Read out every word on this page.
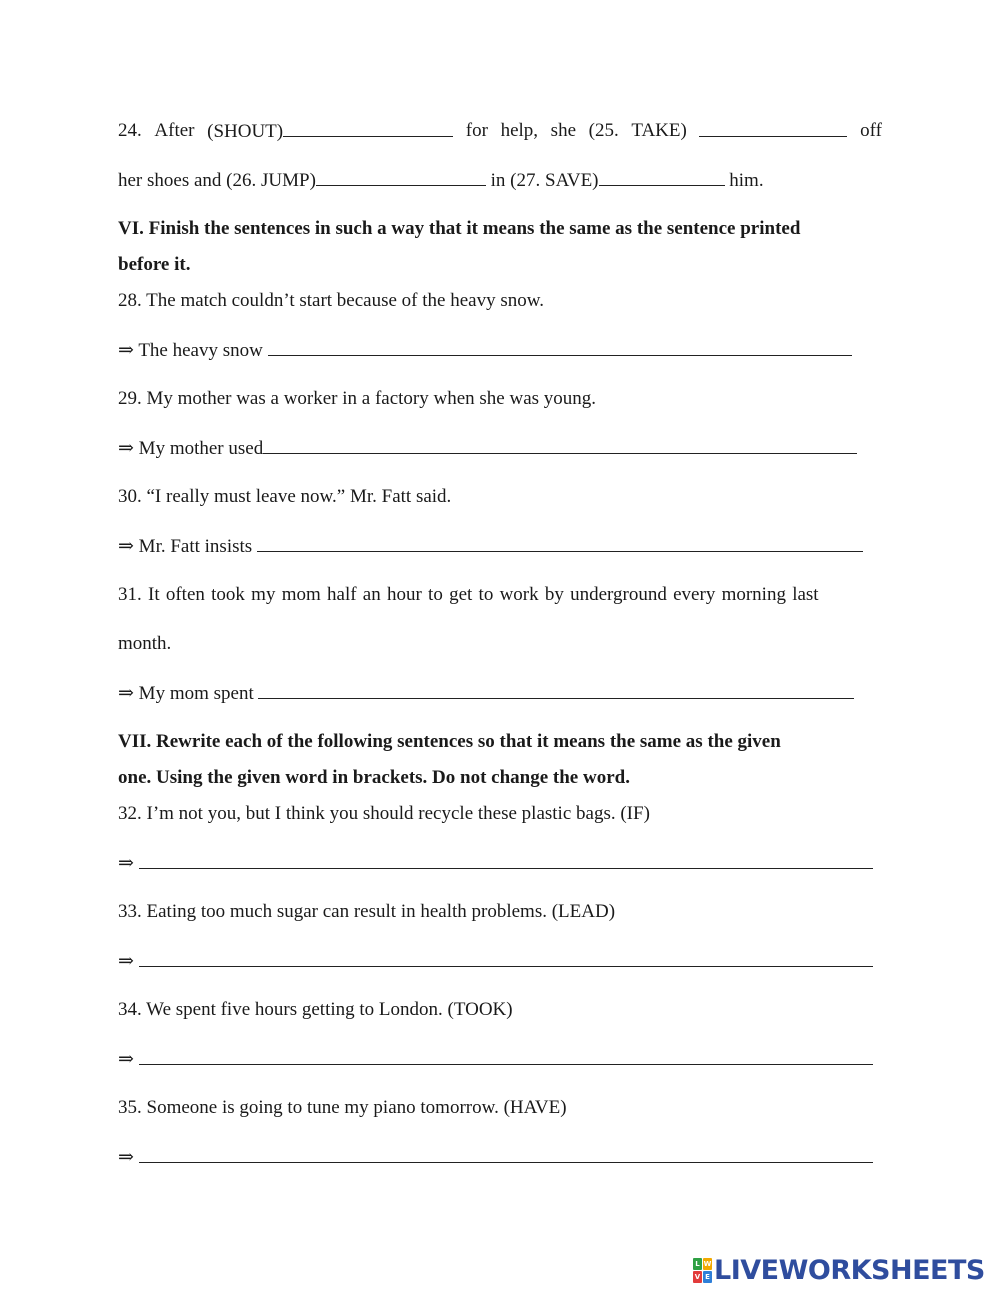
24. After (SHOUT)	for help, she (25. TAKE)	off
her shoes and (26. JUMP)	in (27. SAVE)	him.
VI. Finish the sentences in such a way that it means the same as the sentence printed
before it.
28. The match couldn’t start because of the heavy snow.
⇒ The heavy snow
29. My mother was a worker in a factory when she was young.
⇒ My mother used
30. “I really must leave now.” Mr. Fatt said.
⇒ Mr. Fatt insists
31. It often took my mom half an hour to get to work by underground every morning last
month.
⇒ My mom spent
VII. Rewrite each of the following sentences so that it means the same as the given
one. Using the given word in brackets. Do not change the word.
32. I’m not you, but I think you should recycle these plastic bags. (IF)
⇒
33. Eating too much sugar can result in health problems. (LEAD)
⇒
34. We spent five hours getting to London. (TOOK)
⇒
35. Someone is going to tune my piano tomorrow. (HAVE)
⇒
L W
V E LIVEWORKSHEETS
